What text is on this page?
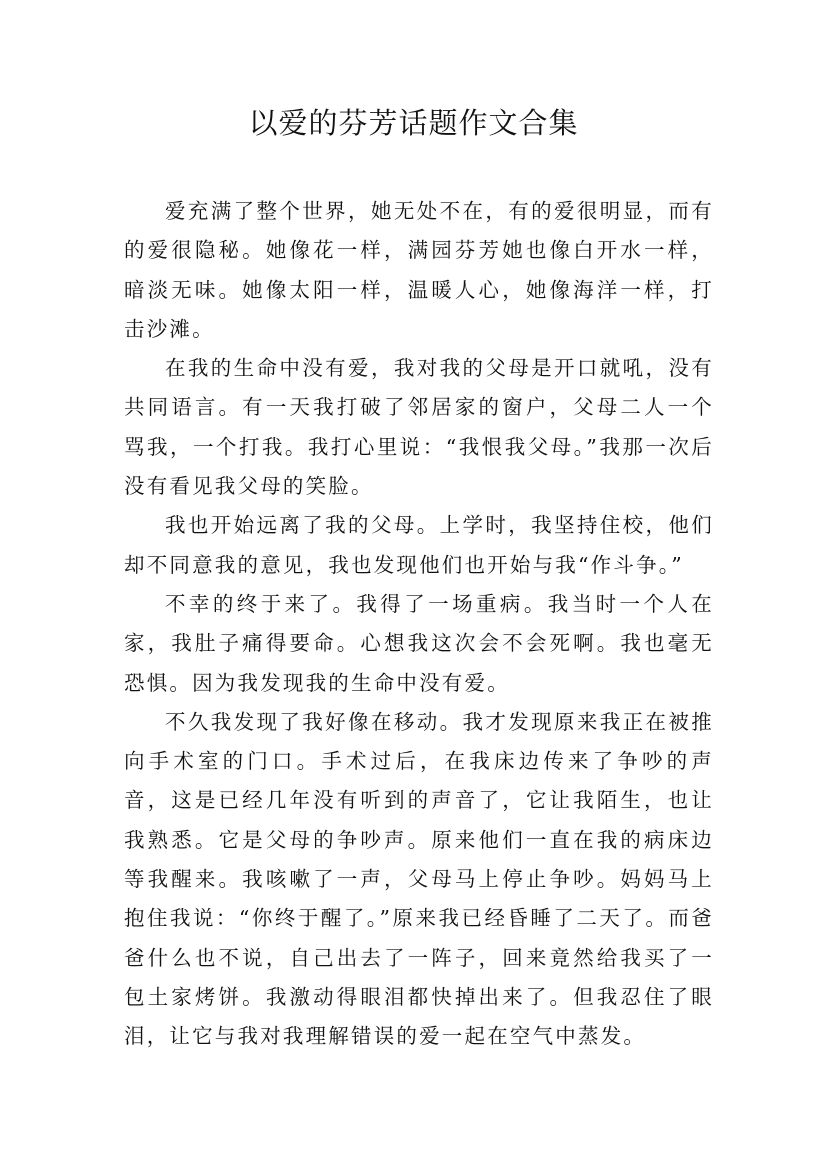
以爱的芬芳话题作文合集

爱充满了整个世界，她无处不在，有的爱很明显，而有的爱很隐秘。她像花一样，满园芬芳她也像白开水一样，暗淡无味。她像太阳一样，温暖人心，她像海洋一样，打击沙滩。

在我的生命中没有爱，我对我的父母是开口就吼，没有共同语言。有一天我打破了邻居家的窗户，父母二人一个骂我，一个打我。我打心里说：“我恨我父母。”我那一次后没有看见我父母的笑脸。

我也开始远离了我的父母。上学时，我坚持住校，他们却不同意我的意见，我也发现他们也开始与我“作斗争。”

不幸的终于来了。我得了一场重病。我当时一个人在家，我肚子痛得要命。心想我这次会不会死啊。我也毫无恐惧。因为我发现我的生命中没有爱。

不久我发现了我好像在移动。我才发现原来我正在被推向手术室的门口。手术过后，在我床边传来了争吵的声音，这是已经几年没有听到的声音了，它让我陌生，也让我熟悉。它是父母的争吵声。原来他们一直在我的病床边等我醒来。我咳嗽了一声，父母马上停止争吵。妈妈马上抱住我说：“你终于醒了。”原来我已经昏睡了二天了。而爸爸什么也不说，自己出去了一阵子，回来竟然给我买了一包土家烤饼。我激动得眼泪都快掉出来了。但我忍住了眼泪，让它与我对我理解错误的爱一起在空气中蒸发。
